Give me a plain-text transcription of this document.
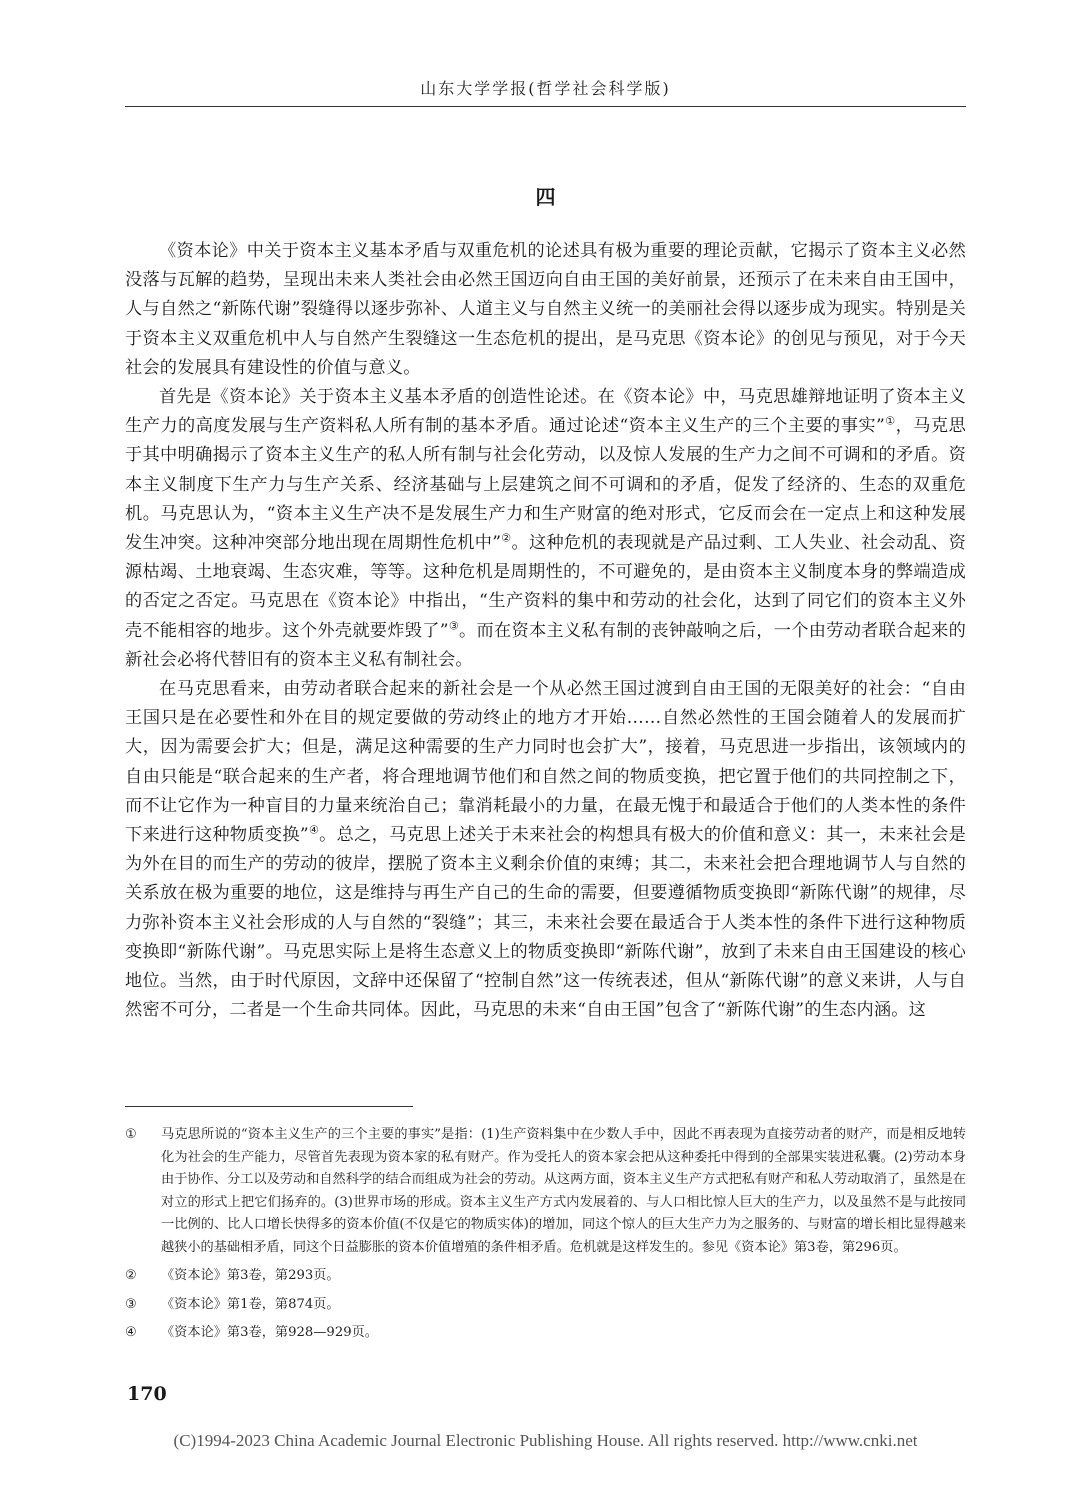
山东大学学报(哲学社会科学版)
四

《资本论》中关于资本主义基本矛盾与双重危机的论述具有极为重要的理论贡献，它揭示了资本主义必然没落与瓦解的趋势，呈现出未来人类社会由必然王国迈向自由王国的美好前景，还预示了在未来自由王国中，人与自然之“新陈代谢”裂缝得以逐步弥补、人道主义与自然主义统一的美丽社会得以逐步成为现实。特别是关于资本主义双重危机中人与自然产生裂缝这一生态危机的提出，是马克思《资本论》的创见与预见，对于今天社会的发展具有建设性的价值与意义。

首先是《资本论》关于资本主义基本矛盾的创造性论述。在《资本论》中，马克思雄辩地证明了资本主义生产力的高度发展与生产资料私人所有制的基本矛盾。通过论述“资本主义生产的三个主要的事实”①，马克思于其中明确揭示了资本主义生产的私人所有制与社会化劳动，以及惊人发展的生产力之间不可调和的矛盾。资本主义制度下生产力与生产关系、经济基础与上层建筑之间不可调和的矛盾，促发了经济的、生态的双重危机。马克思认为，“资本主义生产决不是发展生产力和生产财富的绝对形式，它反而会在一定点上和这种发展发生冲突。这种冲突部分地出现在周期性危机中”②。这种危机的表现就是产品过剩、工人失业、社会动乱、资源枯竭、土地衰竭、生态灾难，等等。这种危机是周期性的，不可避免的，是由资本主义制度本身的弊端造成的否定之否定。马克思在《资本论》中指出，“生产资料的集中和劳动的社会化，达到了同它们的资本主义外壳不能相容的地步。这个外壳就要炸毁了”③。而在资本主义私有制的丧钟敲响之后，一个由劳动者联合起来的新社会必将代替旧有的资本主义私有制社会。

在马克思看来，由劳动者联合起来的新社会是一个从必然王国过渡到自由王国的无限美好的社会：“自由王国只是在必要性和外在目的规定要做的劳动终止的地方才开始……自然必然性的王国会随着人的发展而扩大，因为需要会扩大；但是，满足这种需要的生产力同时也会扩大”，接着，马克思进一步指出，该领域内的自由只能是“联合起来的生产者，将合理地调节他们和自然之间的物质变换，把它置于他们的共同控制之下，而不让它作为一种盲目的力量来统治自己；靠消耗最小的力量，在最无愧于和最适合于他们的人类本性的条件下来进行这种物质变换”④。总之，马克思上述关于未来社会的构想具有极大的价值和意义：其一，未来社会是为外在目的而生产的劳动的彼岸，摆脱了资本主义剩余价值的束缚；其二，未来社会把合理地调节人与自然的关系放在极为重要的地位，这是维持与再生产自己的生命的需要，但要遵循物质变换即“新陈代谢”的规律，尽力弥补资本主义社会形成的人与自然的“裂缝”；其三，未来社会要在最适合于人类本性的条件下进行这种物质变换即“新陈代谢”。马克思实际上是将生态意义上的物质变换即“新陈代谢”，放到了未来自由王国建设的核心地位。当然，由于时代原因，文辞中还保留了“控制自然”这一传统表述，但从“新陈代谢”的意义来讲，人与自然密不可分，二者是一个生命共同体。因此，马克思的未来“自由王国”包含了“新陈代谢”的生态内涵。这

①	马克思所说的“资本主义生产的三个主要的事实”是指：(1)生产资料集中在少数人手中，因此不再表现为直接劳动者的财产，而是相反地转化为社会的生产能力，尽管首先表现为资本家的私有财产。作为受托人的资本家会把从这种委托中得到的全部果实装进私囊。(2)劳动本身由于协作、分工以及劳动和自然科学的结合而组成为社会的劳动。从这两方面，资本主义生产方式把私有财产和私人劳动取消了，虽然是在对立的形式上把它们扬弃的。(3)世界市场的形成。资本主义生产方式内发展着的、与人口相比惊人巨大的生产力，以及虽然不是与此按同一比例的、比人口增长快得多的资本价值(不仅是它的物质实体)的增加，同这个惊人的巨大生产力为之服务的、与财富的增长相比显得越来越狭小的基础相矛盾，同这个日益膨胀的资本价值增殖的条件相矛盾。危机就是这样发生的。参见《资本论》第3卷，第296页。
②	《资本论》第3卷，第293页。
③	《资本论》第1卷，第874页。
④	《资本论》第3卷，第928—929页。
170
(C)1994-2023 China Academic Journal Electronic Publishing House. All rights reserved. http://www.cnki.net
